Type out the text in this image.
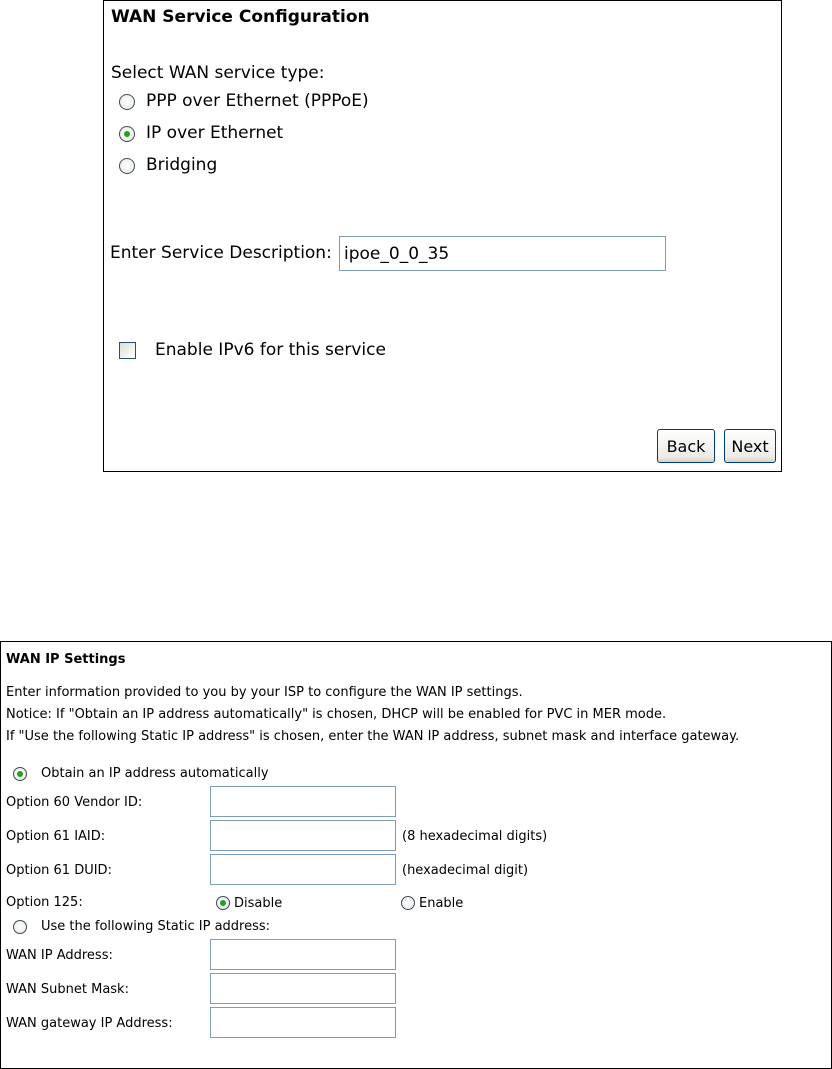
WAN Service Configuration
Select WAN service type:
PPP over Ethernet (PPPoE)
IP over Ethernet
Bridging
Enter Service Description:
ipoe_0_0_35
Enable IPv6 for this service
Back	Next
WAN IP Settings
Enter information provided to you by your ISP to configure the WAN IP settings.
Notice: If "Obtain an IP address automatically" is chosen, DHCP will be enabled for PVC in MER mode.
If "Use the following Static IP address" is chosen, enter the WAN IP address, subnet mask and interface gateway.
Obtain an IP address automatically
Option 60 Vendor ID:
Option 61 IAID:	(8 hexadecimal digits)
Option 61 DUID:	(hexadecimal digit)
Option 125:	Disable	Enable
Use the following Static IP address:
WAN IP Address:
WAN Subnet Mask:
WAN gateway IP Address:
